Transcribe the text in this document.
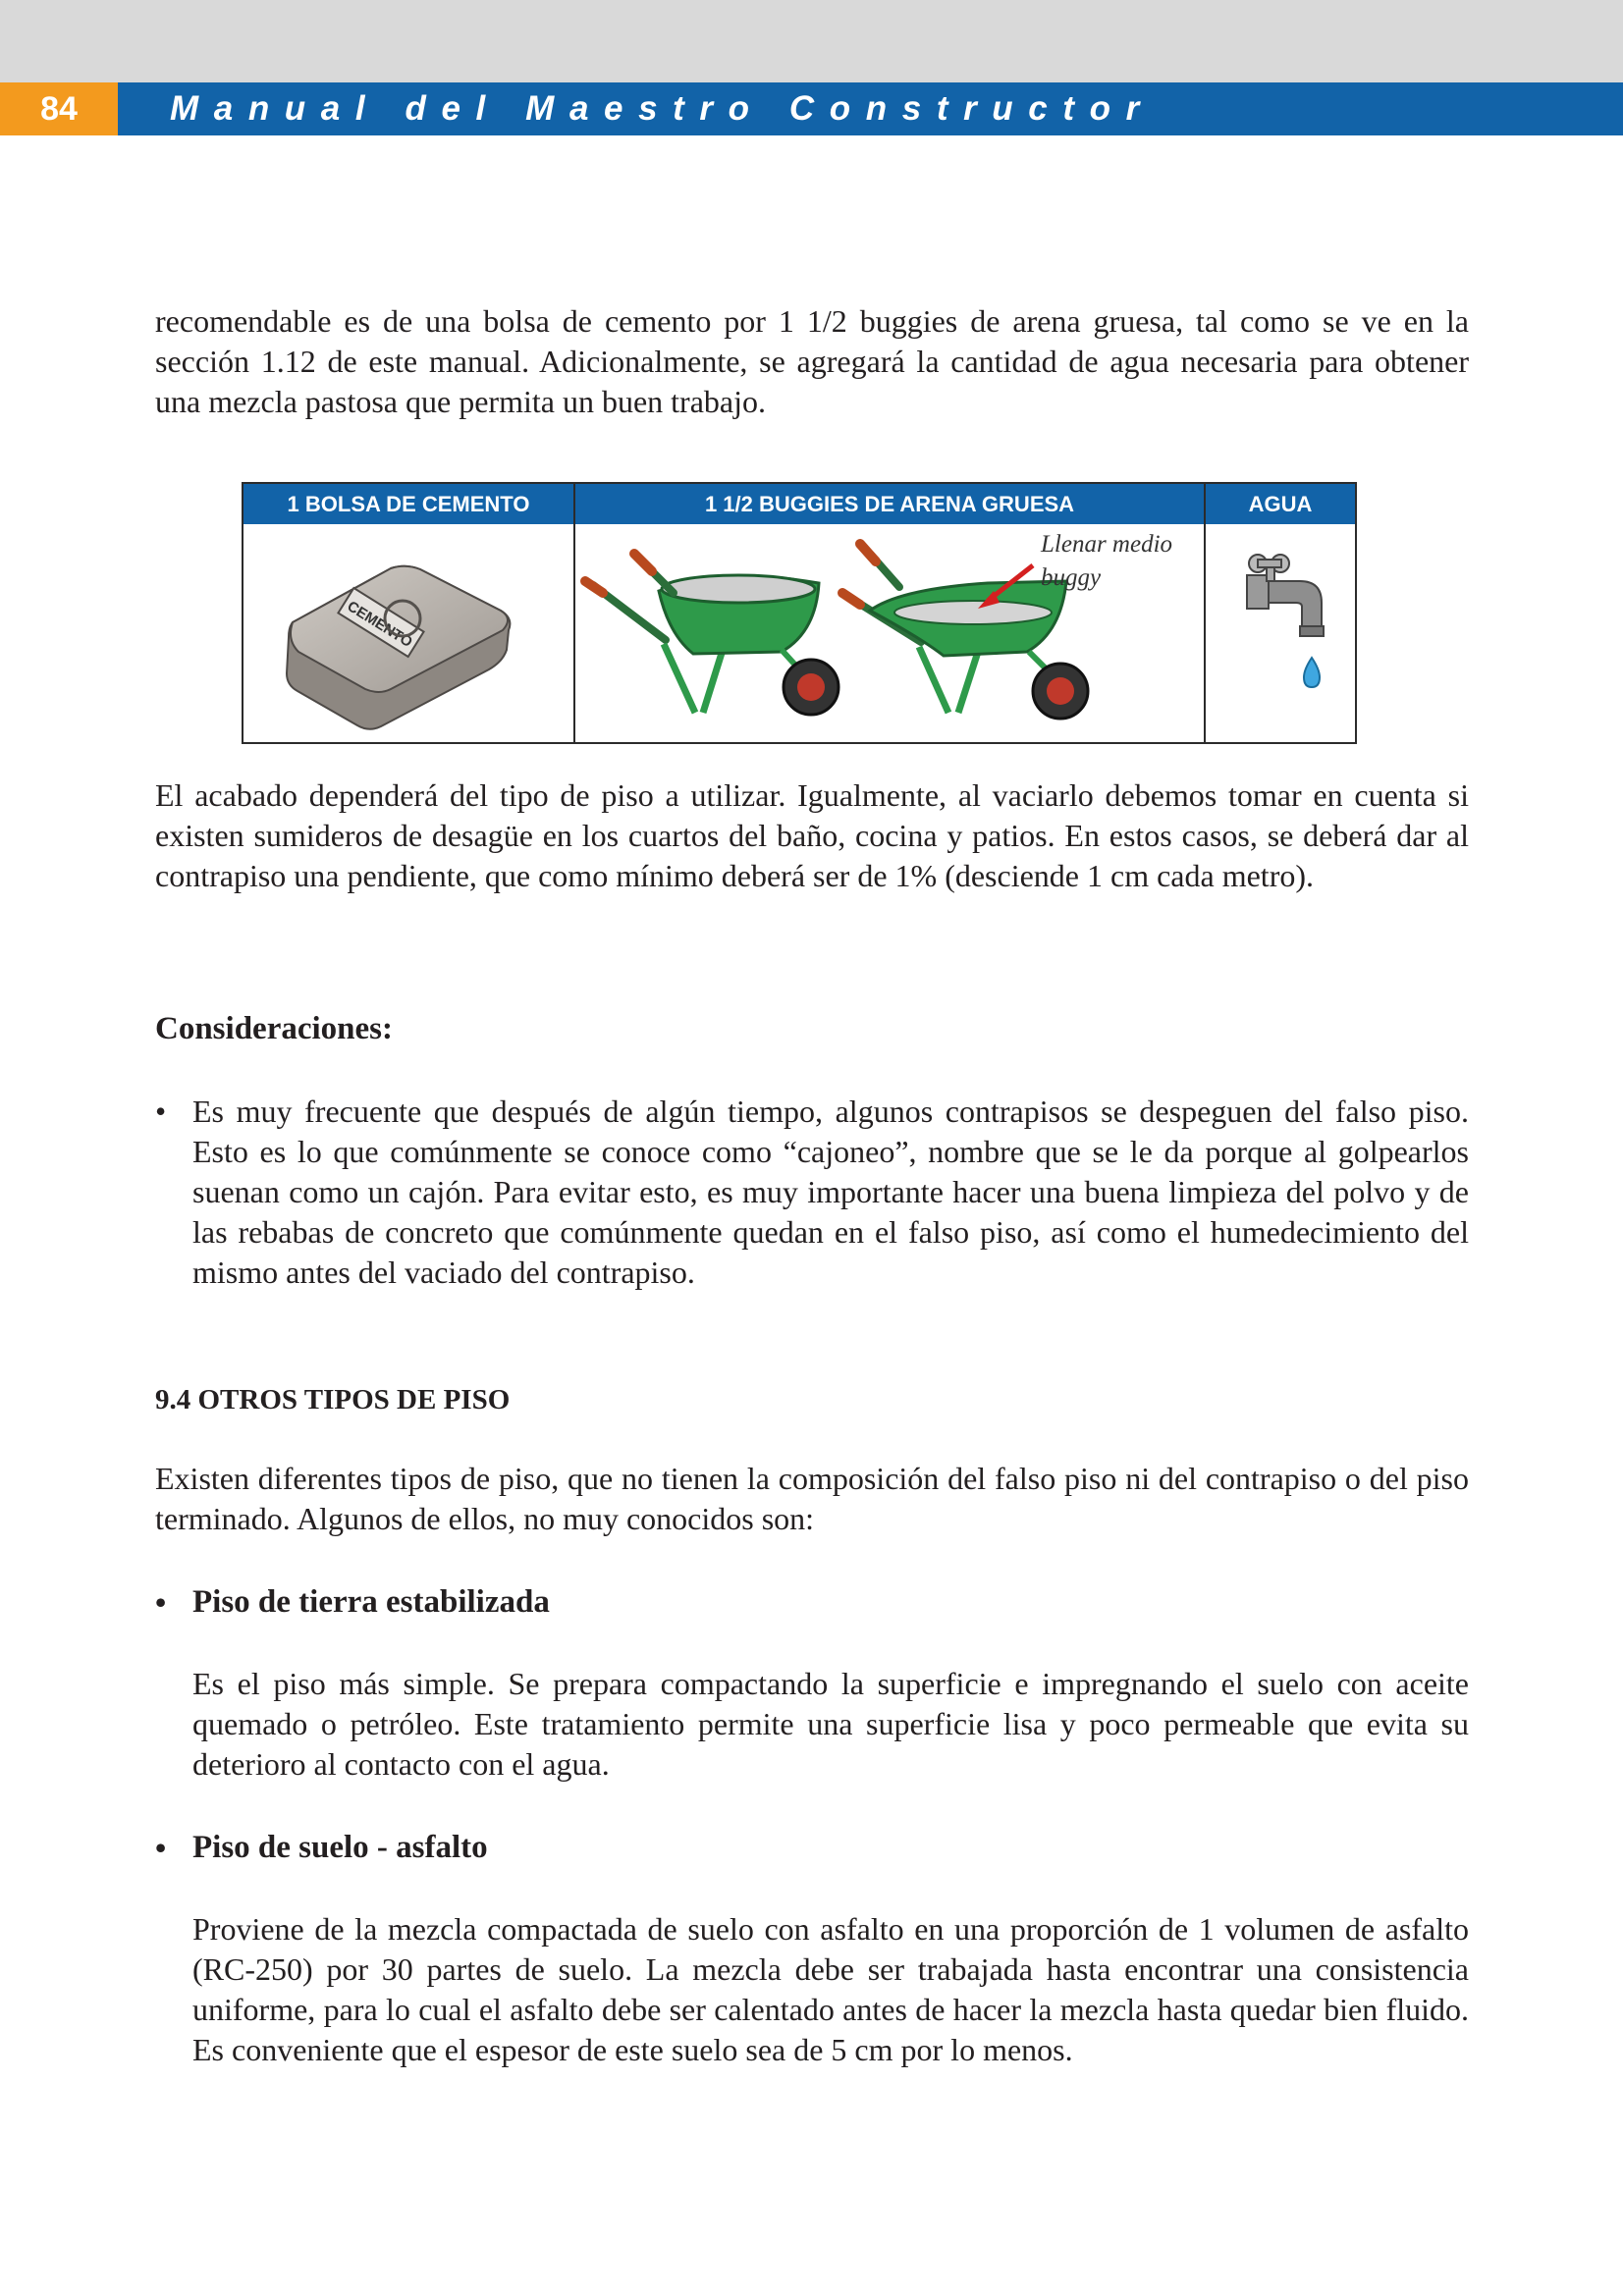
84	Manual del Maestro Constructor

recomendable es de una bolsa de cemento por 1 1/2 buggies de arena gruesa, tal como se ve en la sección 1.12 de este manual. Adicionalmente, se agregará la cantidad de agua necesaria para obtener una mezcla pastosa que permita un buen trabajo.

1 BOLSA DE CEMENTO	1 1/2 BUGGIES DE ARENA GRUESA	AGUA
CEMENTO
Llenar medio
buggy

El acabado dependerá del tipo de piso a utilizar. Igualmente, al vaciarlo debemos tomar en cuenta si existen sumideros de desagüe en los cuartos del baño, cocina y patios. En estos casos, se deberá dar al contrapiso una pendiente, que como mínimo deberá ser de 1% (desciende 1 cm cada metro).

Consideraciones:
• Es muy frecuente que después de algún tiempo, algunos contrapisos se despeguen del falso piso. Esto es lo que comúnmente se conoce como “cajoneo”, nombre que se le da porque al golpearlos suenan como un cajón. Para evitar esto, es muy importante hacer una buena limpieza del polvo y de las rebabas de concreto que comúnmente quedan en el falso piso, así como el humedecimiento del mismo antes del vaciado del contrapiso.
9.4 OTROS TIPOS DE PISO

Existen diferentes tipos de piso, que no tienen la composición del falso piso ni del contrapiso o del piso terminado. Algunos de ellos, no muy conocidos son:

• Piso de tierra estabilizada
Es el piso más simple. Se prepara compactando la superficie e impregnando el suelo con aceite quemado o petróleo. Este tratamiento permite una superficie lisa y poco permeable que evita su deterioro al contacto con el agua.
• Piso de suelo - asfalto
Proviene de la mezcla compactada de suelo con asfalto en una proporción de 1 volumen de asfalto (RC-250) por 30 partes de suelo. La mezcla debe ser trabajada hasta encontrar una consistencia uniforme, para lo cual el asfalto debe ser calentado antes de hacer la mezcla hasta quedar bien fluido. Es conveniente que el espesor de este suelo sea de 5 cm por lo menos.
